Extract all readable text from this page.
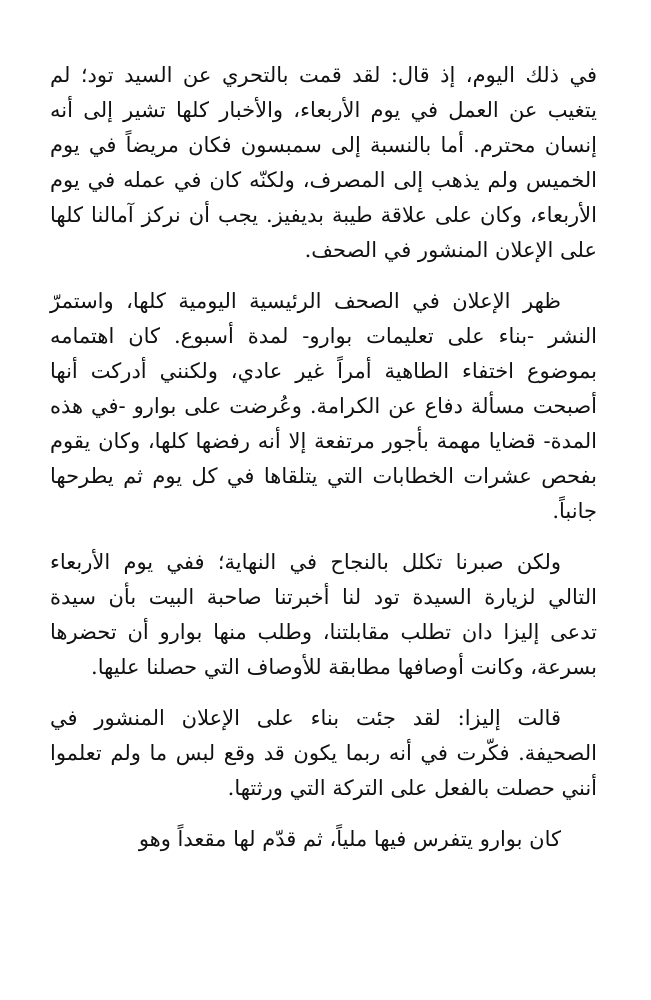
في ذلك اليوم، إذ قال: لقد قمت بالتحري عن السيد تود؛ لم يتغيب عن العمل في يوم الأربعاء، والأخبار كلها تشير إلى أنه إنسان محترم. أما بالنسبة إلى سمبسون فكان مريضاً في يوم الخميس ولم يذهب إلى المصرف، ولكنّه كان في عمله في يوم الأربعاء، وكان على علاقة طيبة بديفيز. يجب أن نركز آمالنا كلها على الإعلان المنشور في الصحف.

ظهر الإعلان في الصحف الرئيسية اليومية كلها، واستمرّ النشر -بناء على تعليمات بوارو- لمدة أسبوع. كان اهتمامه بموضوع اختفاء الطاهية أمراً غير عادي، ولكنني أدركت أنها أصبحت مسألة دفاع عن الكرامة. وعُرضت على بوارو -في هذه المدة- قضايا مهمة بأجور مرتفعة إلا أنه رفضها كلها، وكان يقوم بفحص عشرات الخطابات التي يتلقاها في كل يوم ثم يطرحها جانباً.

ولكن صبرنا تكلل بالنجاح في النهاية؛ ففي يوم الأربعاء التالي لزيارة السيدة تود لنا أخبرتنا صاحبة البيت بأن سيدة تدعى إليزا دان تطلب مقابلتنا، وطلب منها بوارو أن تحضرها بسرعة، وكانت أوصافها مطابقة للأوصاف التي حصلنا عليها.

قالت إليزا: لقد جئت بناء على الإعلان المنشور في الصحيفة. فكّرت في أنه ربما يكون قد وقع لبس ما ولم تعلموا أنني حصلت بالفعل على التركة التي ورثتها.

كان بوارو يتفرس فيها ملياً، ثم قدّم لها مقعداً وهو
